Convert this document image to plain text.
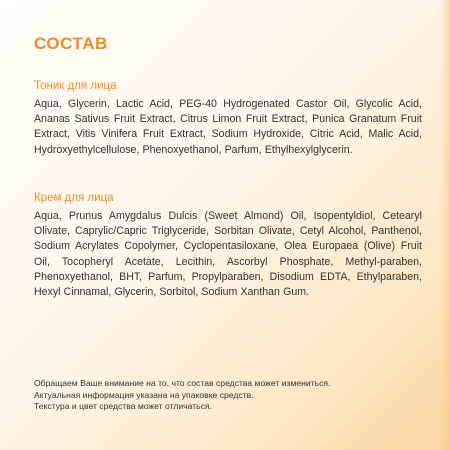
СОСТАВ
Тоник для лица
Aqua, Glycerin, Lactic Acid, PEG-40 Hydrogenated Castor Oil, Glycolic Acid, Ananas Sativus Fruit Extract, Citrus Limon Fruit Extract, Punica Granatum Fruit Extract, Vitis Vinifera Fruit Extract, Sodium Hydroxide, Citric Acid, Malic Acid, Hydroxyethylcellulose, Phenoxyethanol, Parfum, Ethylhexylglycerin.
Крем для лица
Aqua, Prunus Amygdalus Dulcis (Sweet Almond) Oil, Isopentyldiol, Cetearyl Olivate, Caprylic/Capric Triglyceride, Sorbitan Olivate, Cetyl Alcohol, Panthenol, Sodium Acrylates Copolymer, Cyclopentasiloxane, Olea Europaea (Olive) Fruit Oil, Tocopheryl Acetate, Lecithin, Ascorbyl Phosphate, Methyl-paraben, Phenoxyethanol, BHT, Parfum, Propylparaben, Disodium EDTA, Ethylparaben, Hexyl Cinnamal, Glycerin, Sorbitol, Sodium Xanthan Gum.
Обращаем Ваше внимание на то, что состав средства может измениться.
Актуальная информация указана на упаковке средств.
Текстура и цвет средства может отличаться.
